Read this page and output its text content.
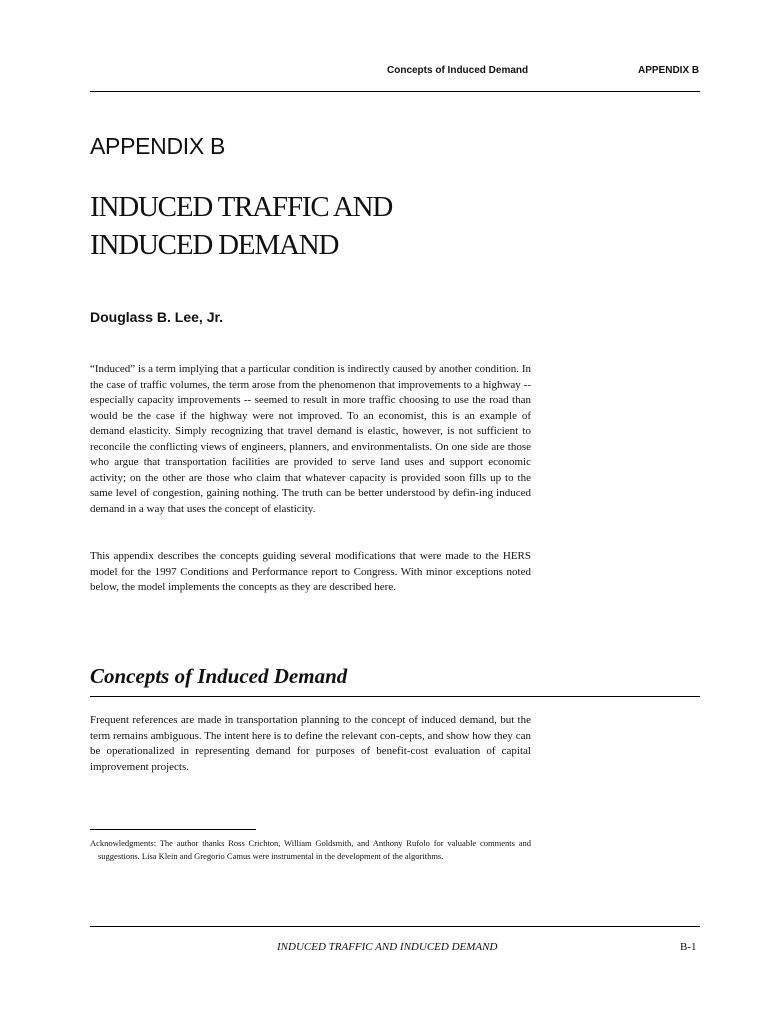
Concepts of Induced Demand	APPENDIX B
APPENDIX B
INDUCED TRAFFIC AND
INDUCED DEMAND
Douglass B. Lee, Jr.
“Induced” is a term implying that a particular condition is indirectly caused by another condition. In the case of traffic volumes, the term arose from the phenomenon that improvements to a highway -- especially capacity improvements -- seemed to result in more traffic choosing to use the road than would be the case if the highway were not improved. To an economist, this is an example of demand elasticity. Simply recognizing that travel demand is elastic, however, is not sufficient to reconcile the conflicting views of engineers, planners, and environmentalists. On one side are those who argue that transportation facilities are provided to serve land uses and support economic activity; on the other are those who claim that whatever capacity is provided soon fills up to the same level of congestion, gaining nothing. The truth can be better understood by defin-ing induced demand in a way that uses the concept of elasticity.
This appendix describes the concepts guiding several modifications that were made to the HERS model for the 1997 Conditions and Performance report to Congress. With minor exceptions noted below, the model implements the concepts as they are described here.
Concepts of Induced Demand
Frequent references are made in transportation planning to the concept of induced demand, but the term remains ambiguous. The intent here is to define the relevant con-cepts, and show how they can be operationalized in representing demand for purposes of benefit-cost evaluation of capital improvement projects.
Acknowledgments: The author thanks Ross Crichton, William Goldsmith, and Anthony Rufolo for valuable comments and suggestions. Lisa Klein and Gregorio Camus were instrumental in the development of the algorithms.
INDUCED TRAFFIC AND INDUCED DEMAND	B-1
